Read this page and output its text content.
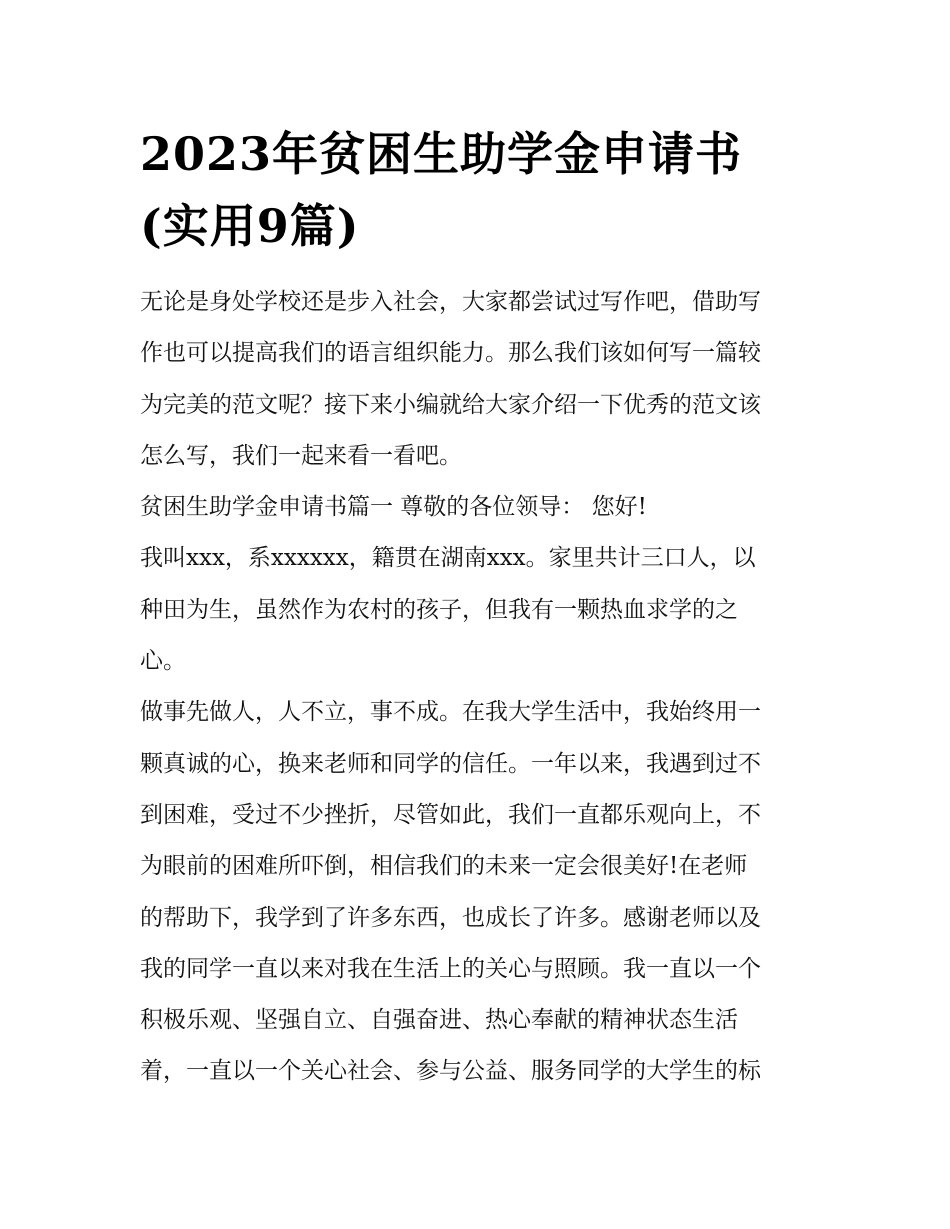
2023年贫困生助学金申请书
(实用9篇)
无论是身处学校还是步入社会，大家都尝试过写作吧，借助写
作也可以提高我们的语言组织能力。那么我们该如何写一篇较
为完美的范文呢？接下来小编就给大家介绍一下优秀的范文该
怎么写，我们一起来看一看吧。
贫困生助学金申请书篇一 尊敬的各位领导： 您好!
我叫xxx，系xxxxxx，籍贯在湖南xxx。家里共计三口人，以
种田为生，虽然作为农村的孩子，但我有一颗热血求学的之
心。
做事先做人，人不立，事不成。在我大学生活中，我始终用一
颗真诚的心，换来老师和同学的信任。一年以来，我遇到过不
到困难，受过不少挫折，尽管如此，我们一直都乐观向上，不
为眼前的困难所吓倒，相信我们的未来一定会很美好!在老师
的帮助下，我学到了许多东西，也成长了许多。感谢老师以及
我的同学一直以来对我在生活上的关心与照顾。我一直以一个
积极乐观、坚强自立、自强奋进、热心奉献的精神状态生活
着，一直以一个关心社会、参与公益、服务同学的大学生的标
